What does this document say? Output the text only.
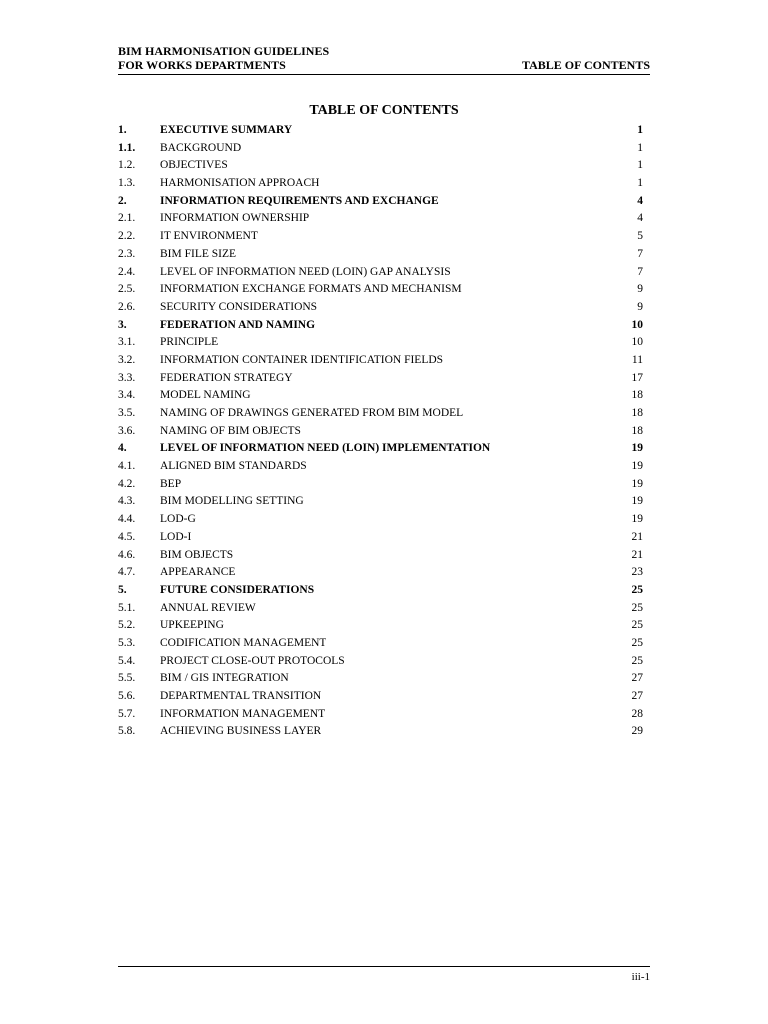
BIM HARMONISATION GUIDELINES
FOR WORKS DEPARTMENTS	TABLE OF CONTENTS
TABLE OF CONTENTS
1.	EXECUTIVE SUMMARY	1
1.1.	BACKGROUND	1
1.2.	OBJECTIVES	1
1.3.	HARMONISATION APPROACH	1
2.	INFORMATION REQUIREMENTS AND EXCHANGE	4
2.1.	INFORMATION OWNERSHIP	4
2.2.	IT ENVIRONMENT	5
2.3.	BIM FILE SIZE	7
2.4.	LEVEL OF INFORMATION NEED (LOIN) GAP ANALYSIS	7
2.5.	INFORMATION EXCHANGE FORMATS AND MECHANISM	9
2.6.	SECURITY CONSIDERATIONS	9
3.	FEDERATION AND NAMING	10
3.1.	PRINCIPLE	10
3.2.	INFORMATION CONTAINER IDENTIFICATION FIELDS	11
3.3.	FEDERATION STRATEGY	17
3.4.	MODEL NAMING	18
3.5.	NAMING OF DRAWINGS GENERATED FROM BIM MODEL	18
3.6.	NAMING OF BIM OBJECTS	18
4.	LEVEL OF INFORMATION NEED (LOIN) IMPLEMENTATION	19
4.1.	ALIGNED BIM STANDARDS	19
4.2.	BEP	19
4.3.	BIM MODELLING SETTING	19
4.4.	LOD-G	19
4.5.	LOD-I	21
4.6.	BIM OBJECTS	21
4.7.	APPEARANCE	23
5.	FUTURE CONSIDERATIONS	25
5.1.	ANNUAL REVIEW	25
5.2.	UPKEEPING	25
5.3.	CODIFICATION MANAGEMENT	25
5.4.	PROJECT CLOSE-OUT PROTOCOLS	25
5.5.	BIM / GIS INTEGRATION	27
5.6.	DEPARTMENTAL TRANSITION	27
5.7.	INFORMATION MANAGEMENT	28
5.8.	ACHIEVING BUSINESS LAYER	29
iii-1
